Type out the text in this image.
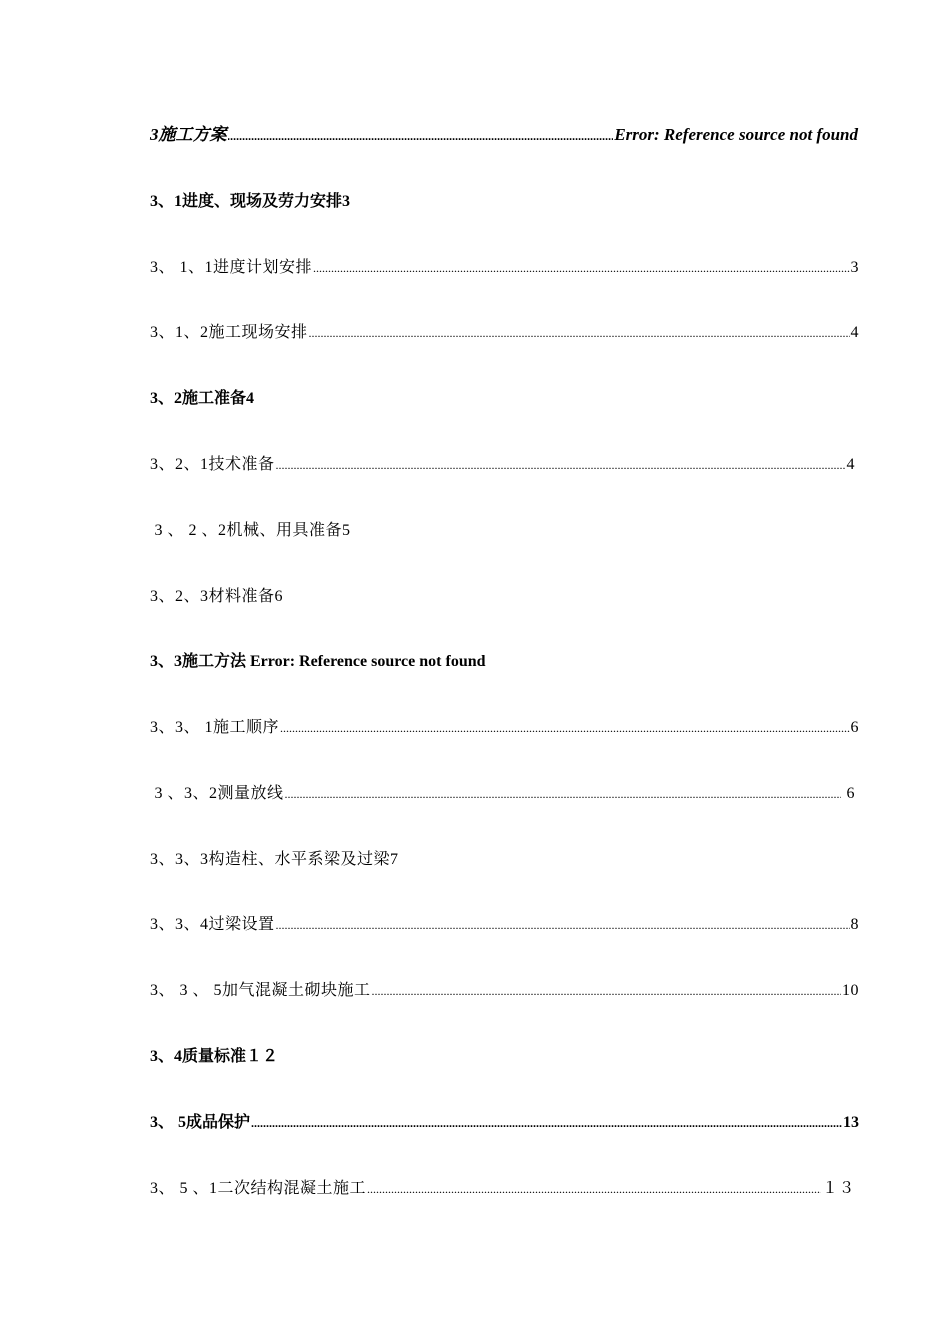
3施工方案 .....	Error: Reference source not found
3、1进度、现场及劳力安排3
3、 1、1进度计划安排 .....	3
3、1、2施工现场安排 .....	4
3、2施工准备4
3、2、1技术准备 .....	4
3 、 2 、2机械、用具准备5
3、2、3材料准备6
3、3施工方法 Error: Reference source not found
3、3、 1施工顺序 .....	6
3 、3、2测量放线 .....	6
3、3、3构造柱、水平系梁及过梁7
3、3、4过梁设置 .....	8
3、 3 、 5加气混凝土砌块施工 .....	10
3、4质量标准１２
3、 5成品保护 .....	13
3、 5 、1二次结构混凝土施工 .....	１３
